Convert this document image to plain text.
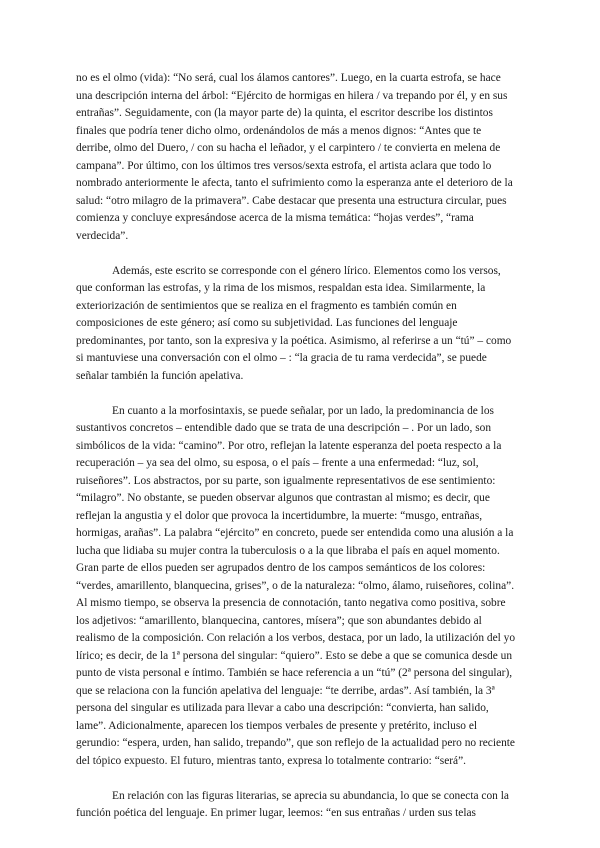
no es el olmo (vida): “No será, cual los álamos cantores”. Luego, en la cuarta estrofa, se hace una descripción interna del árbol: “Ejército de hormigas en hilera / va trepando por él, y en sus entrañas”. Seguidamente, con (la mayor parte de) la quinta, el escritor describe los distintos finales que podría tener dicho olmo, ordenándolos de más a menos dignos: “Antes que te derribe, olmo del Duero, / con su hacha el leñador, y el carpintero / te convierta en melena de campana”. Por último, con los últimos tres versos/sexta estrofa, el artista aclara que todo lo nombrado anteriormente le afecta, tanto el sufrimiento como la esperanza ante el deterioro de la salud: “otro milagro de la primavera”. Cabe destacar que presenta una estructura circular, pues comienza y concluye expresándose acerca de la misma temática: “hojas verdes”, “rama verdecida”.

Además, este escrito se corresponde con el género lírico. Elementos como los versos, que conforman las estrofas, y la rima de los mismos, respaldan esta idea. Similarmente, la exteriorización de sentimientos que se realiza en el fragmento es también común en composiciones de este género; así como su subjetividad. Las funciones del lenguaje predominantes, por tanto, son la expresiva y la poética. Asimismo, al referirse a un “tú” – como si mantuviese una conversación con el olmo – : “la gracia de tu rama verdecida”, se puede señalar también la función apelativa.

En cuanto a la morfosintaxis, se puede señalar, por un lado, la predominancia de los sustantivos concretos – entendible dado que se trata de una descripción – . Por un lado, son simbólicos de la vida: “camino”. Por otro, reflejan la latente esperanza del poeta respecto a la recuperación – ya sea del olmo, su esposa, o el país – frente a una enfermedad: “luz, sol, ruiseñores”. Los abstractos, por su parte, son igualmente representativos de ese sentimiento: “milagro”. No obstante, se pueden observar algunos que contrastan al mismo; es decir, que reflejan la angustia y el dolor que provoca la incertidumbre, la muerte: “musgo, entrañas, hormigas, arañas”. La palabra “ejército” en concreto, puede ser entendida como una alusión a la lucha que lidiaba su mujer contra la tuberculosis o a la que libraba el país en aquel momento. Gran parte de ellos pueden ser agrupados dentro de los campos semánticos de los colores: “verdes, amarillento, blanquecina, grises”, o de la naturaleza: “olmo, álamo, ruiseñores, colina”. Al mismo tiempo, se observa la presencia de connotación, tanto negativa como positiva, sobre los adjetivos: “amarillento, blanquecina, cantores, mísera”; que son abundantes debido al realismo de la composición. Con relación a los verbos, destaca, por un lado, la utilización del yo lírico; es decir, de la 1ª persona del singular: “quiero”. Esto se debe a que se comunica desde un punto de vista personal e íntimo. También se hace referencia a un “tú” (2ª persona del singular), que se relaciona con la función apelativa del lenguaje: “te derribe, ardas”. Así también, la 3ª persona del singular es utilizada para llevar a cabo una descripción: “convierta, han salido, lame”. Adicionalmente, aparecen los tiempos verbales de presente y pretérito, incluso el gerundio: “espera, urden, han salido, trepando”, que son reflejo de la actualidad pero no reciente del tópico expuesto. El futuro, mientras tanto, expresa lo totalmente contrario: “será”.

En relación con las figuras literarias, se aprecia su abundancia, lo que se conecta con la función poética del lenguaje. En primer lugar, leemos: “en sus entrañas / urden sus telas
